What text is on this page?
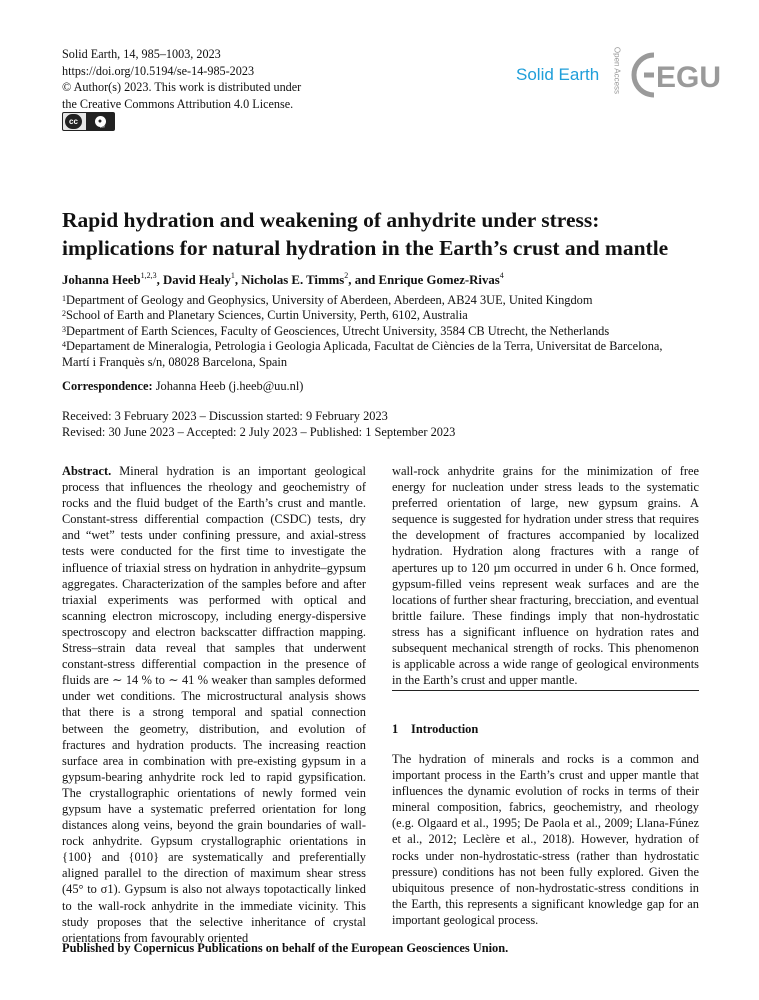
Solid Earth, 14, 985–1003, 2023
https://doi.org/10.5194/se-14-985-2023
© Author(s) 2023. This work is distributed under
the Creative Commons Attribution 4.0 License.
cc	●
BY
Solid Earth Open Access EGU
Rapid hydration and weakening of anhydrite under stress: implications for natural hydration in the Earth’s crust and mantle
Johanna Heeb$^{1,2,3}$, David Healy$^1$, Nicholas E. Timms$^2$, and Enrique Gomez-Rivas$^4$
$^1$Department of Geology and Geophysics, University of Aberdeen, Aberdeen, AB24 3UE, United Kingdom
$^2$School of Earth and Planetary Sciences, Curtin University, Perth, 6102, Australia
$^3$Department of Earth Sciences, Faculty of Geosciences, Utrecht University, 3584 CB Utrecht, the Netherlands
$^4$Departament de Mineralogia, Petrologia i Geologia Aplicada, Facultat de Ciències de la Terra, Universitat de Barcelona,
Martí i Franquès s/n, 08028 Barcelona, Spain
Correspondence: Johanna Heeb (j.heeb@uu.nl)
Received: 3 February 2023 – Discussion started: 9 February 2023
Revised: 30 June 2023 – Accepted: 2 July 2023 – Published: 1 September 2023

Abstract. Mineral hydration is an important geological process that influences the rheology and geochemistry of rocks and the fluid budget of the Earth’s crust and mantle. Constant-stress differential compaction (CSDC) tests, dry and “wet” tests under confining pressure, and axial-stress tests were conducted for the first time to investigate the influence of triaxial stress on hydration in anhydrite–gypsum aggregates. Characterization of the samples before and after triaxial experiments was performed with optical and scanning electron microscopy, including energy-dispersive spectroscopy and electron backscatter diffraction mapping. Stress–strain data reveal that samples that underwent constant-stress differential compaction in the presence of fluids are ∼ 14 % to ∼ 41 % weaker than samples deformed under wet conditions. The microstructural analysis shows that there is a strong temporal and spatial connection between the geometry, distribution, and evolution of fractures and hydration products. The increasing reaction surface area in combination with pre-existing gypsum in a gypsum-bearing anhydrite rock led to rapid gypsification. The crystallographic orientations of newly formed vein gypsum have a systematic preferred orientation for long distances along veins, beyond the grain boundaries of wall-rock anhydrite. Gypsum crystallographic orientations in {100} and {010} are systematically and preferentially aligned parallel to the direction of maximum shear stress (45° to σ1). Gypsum is also not always topotactically linked to the wall-rock anhydrite in the immediate vicinity. This study proposes that the selective inheritance of crystal orientations from favourably oriented

wall-rock anhydrite grains for the minimization of free energy for nucleation under stress leads to the systematic preferred orientation of large, new gypsum grains. A sequence is suggested for hydration under stress that requires the development of fractures accompanied by localized hydration. Hydration along fractures with a range of apertures up to 120 µm occurred in under 6 h. Once formed, gypsum-filled veins represent weak surfaces and are the locations of further shear fracturing, brecciation, and eventual brittle failure. These findings imply that non-hydrostatic stress has a significant influence on hydration rates and subsequent mechanical strength of rocks. This phenomenon is applicable across a wide range of geological environments in the Earth’s crust and upper mantle.

1 Introduction

The hydration of minerals and rocks is a common and important process in the Earth’s crust and upper mantle that influences the dynamic evolution of rocks in terms of their mineral composition, fabrics, geochemistry, and rheology (e.g. Olgaard et al., 1995; De Paola et al., 2009; Llana-Fúnez et al., 2012; Leclère et al., 2018). However, hydration of rocks under non-hydrostatic-stress (rather than hydrostatic pressure) conditions has not been fully explored. Given the ubiquitous presence of non-hydrostatic-stress conditions in the Earth, this represents a significant knowledge gap for an important geological process.

Published by Copernicus Publications on behalf of the European Geosciences Union.
